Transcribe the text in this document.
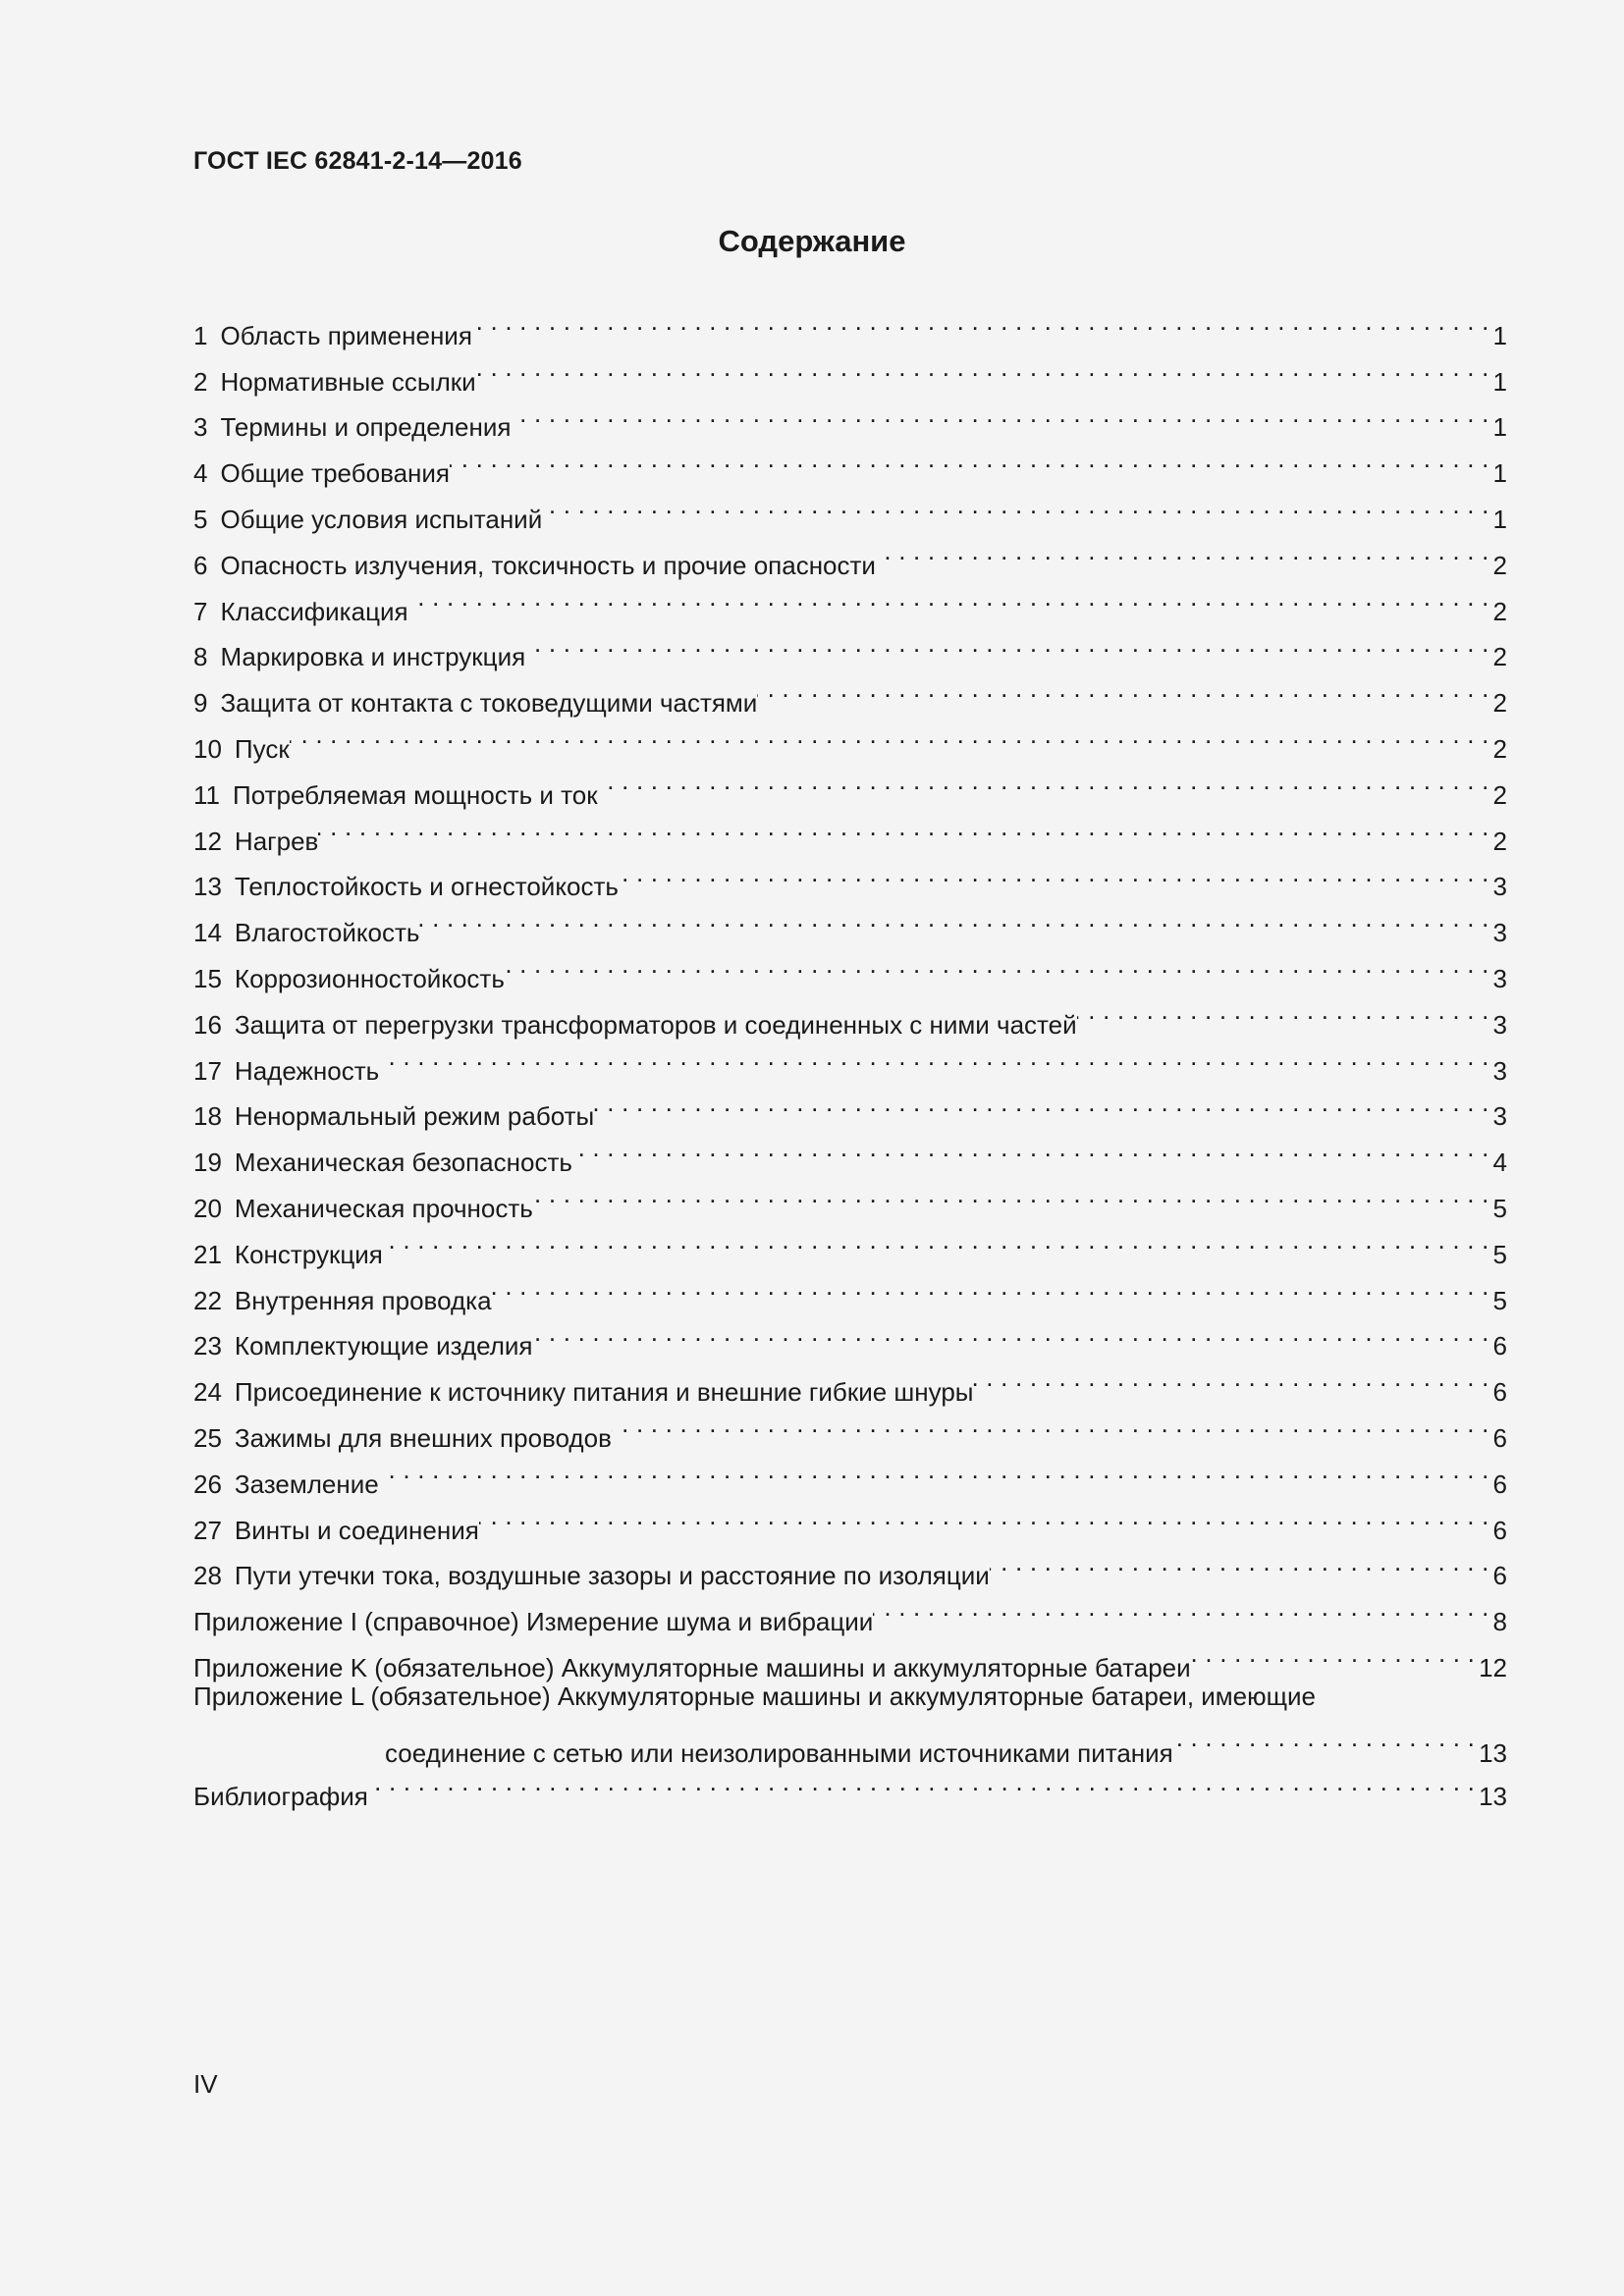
ГОСТ IEC 62841-2-14—2016
Содержание
1 Область применения . . .	1
2 Нормативные ссылки . . .	1
3 Термины и определения . . .	1
4 Общие требования . . .	1
5 Общие условия испытаний . . .	1
6 Опасность излучения, токсичность и прочие опасности . . .	2
7 Классификация . . .	2
8 Маркировка и инструкция . . .	2
9 Защита от контакта с токоведущими частями . . .	2
10 Пуск . . .	2
11 Потребляемая мощность и ток . . .	2
12 Нагрев . . .	2
13 Теплостойкость и огнестойкость . . .	3
14 Влагостойкость . . .	3
15 Коррозионностойкость . . .	3
16 Защита от перегрузки трансформаторов и соединенных с ними частей . . .	3
17 Надежность . . .	3
18 Ненормальный режим работы . . .	3
19 Механическая безопасность . . .	4
20 Механическая прочность . . .	5
21 Конструкция . . .	5
22 Внутренняя проводка . . .	5
23 Комплектующие изделия . . .	6
24 Присоединение к источнику питания и внешние гибкие шнуры . . .	6
25 Зажимы для внешних проводов . . .	6
26 Заземление . . .	6
27 Винты и соединения . . .	6
28 Пути утечки тока, воздушные зазоры и расстояние по изоляции . . .	6
Приложение I (справочное) Измерение шума и вибрации . . .	8
Приложение K (обязательное) Аккумуляторные машины и аккумуляторные батареи . . .	12
Приложение L (обязательное) Аккумуляторные машины и аккумуляторные батареи, имеющие
соединение с сетью или неизолированными источниками питания . . .	13
Библиография . . .	13
IV
